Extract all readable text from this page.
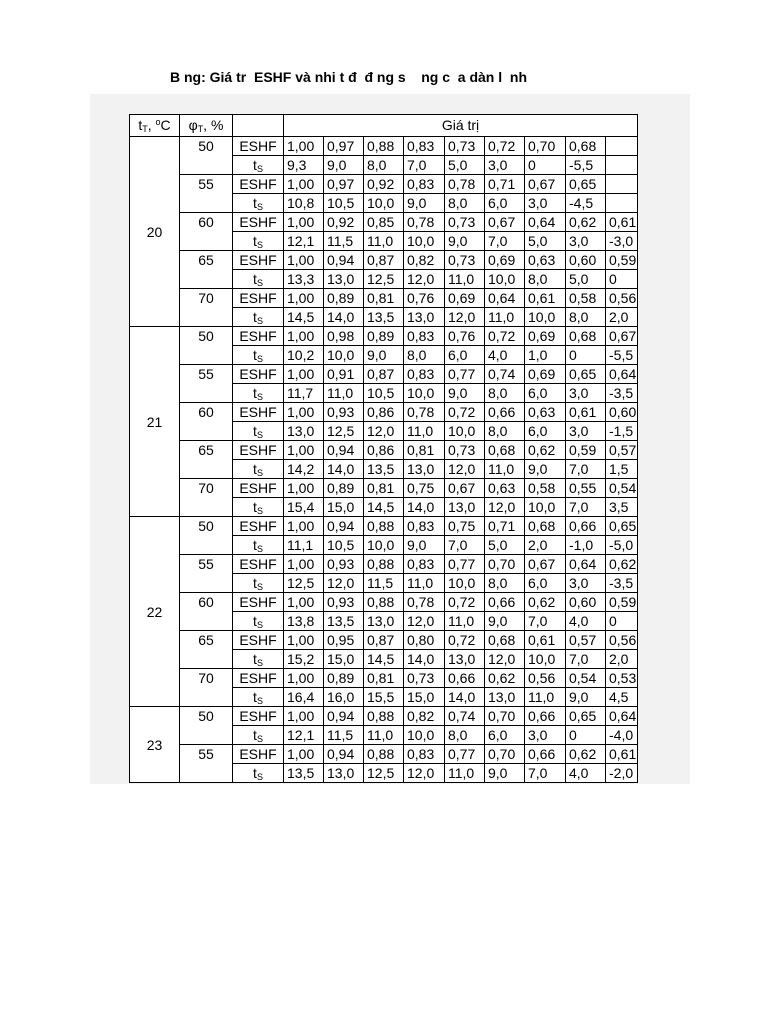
B ng: Giá tr  ESHF và nhi t đ  đ ng s    ng c  a dàn l  nh
$t_T$, $^o$C	$\varphi_T$, %		Giá trị								
20	50	ESHF	1,00	0,97	0,88	0,83	0,73	0,72	0,70	0,68	
		$t_S$	9,3	9,0	8,0	7,0	5,0	3,0	0	-5,5	
	55	ESHF	1,00	0,97	0,92	0,83	0,78	0,71	0,67	0,65	
		$t_S$	10,8	10,5	10,0	9,0	8,0	6,0	3,0	-4,5	
	60	ESHF	1,00	0,92	0,85	0,78	0,73	0,67	0,64	0,62	0,61
		$t_S$	12,1	11,5	11,0	10,0	9,0	7,0	5,0	3,0	-3,0
	65	ESHF	1,00	0,94	0,87	0,82	0,73	0,69	0,63	0,60	0,59
		$t_S$	13,3	13,0	12,5	12,0	11,0	10,0	8,0	5,0	0
	70	ESHF	1,00	0,89	0,81	0,76	0,69	0,64	0,61	0,58	0,56
		$t_S$	14,5	14,0	13,5	13,0	12,0	11,0	10,0	8,0	2,0
21	50	ESHF	1,00	0,98	0,89	0,83	0,76	0,72	0,69	0,68	0,67
		$t_S$	10,2	10,0	9,0	8,0	6,0	4,0	1,0	0	-5,5
	55	ESHF	1,00	0,91	0,87	0,83	0,77	0,74	0,69	0,65	0,64
		$t_S$	11,7	11,0	10,5	10,0	9,0	8,0	6,0	3,0	-3,5
	60	ESHF	1,00	0,93	0,86	0,78	0,72	0,66	0,63	0,61	0,60
		$t_S$	13,0	12,5	12,0	11,0	10,0	8,0	6,0	3,0	-1,5
	65	ESHF	1,00	0,94	0,86	0,81	0,73	0,68	0,62	0,59	0,57
		$t_S$	14,2	14,0	13,5	13,0	12,0	11,0	9,0	7,0	1,5
	70	ESHF	1,00	0,89	0,81	0,75	0,67	0,63	0,58	0,55	0,54
		$t_S$	15,4	15,0	14,5	14,0	13,0	12,0	10,0	7,0	3,5
22	50	ESHF	1,00	0,94	0,88	0,83	0,75	0,71	0,68	0,66	0,65
		$t_S$	11,1	10,5	10,0	9,0	7,0	5,0	2,0	-1,0	-5,0
	55	ESHF	1,00	0,93	0,88	0,83	0,77	0,70	0,67	0,64	0,62
		$t_S$	12,5	12,0	11,5	11,0	10,0	8,0	6,0	3,0	-3,5
	60	ESHF	1,00	0,93	0,88	0,78	0,72	0,66	0,62	0,60	0,59
		$t_S$	13,8	13,5	13,0	12,0	11,0	9,0	7,0	4,0	0
	65	ESHF	1,00	0,95	0,87	0,80	0,72	0,68	0,61	0,57	0,56
		$t_S$	15,2	15,0	14,5	14,0	13,0	12,0	10,0	7,0	2,0
	70	ESHF	1,00	0,89	0,81	0,73	0,66	0,62	0,56	0,54	0,53
		$t_S$	16,4	16,0	15,5	15,0	14,0	13,0	11,0	9,0	4,5
23	50	ESHF	1,00	0,94	0,88	0,82	0,74	0,70	0,66	0,65	0,64
		$t_S$	12,1	11,5	11,0	10,0	8,0	6,0	3,0	0	-4,0
	55	ESHF	1,00	0,94	0,88	0,83	0,77	0,70	0,66	0,62	0,61
		$t_S$	13,5	13,0	12,5	12,0	11,0	9,0	7,0	4,0	-2,0
